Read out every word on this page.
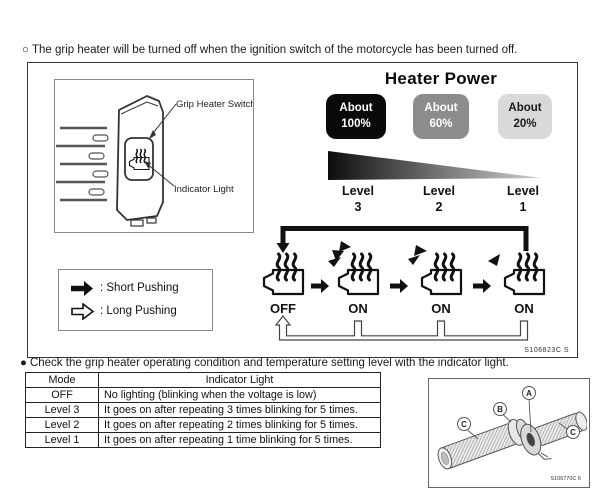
○ The grip heater will be turned off when the ignition switch of the motorcycle has been turned off.
Grip Heater Switch
Indicator Light
: Short Pushing
: Long Pushing
Heater Power
About
100%
About
60%
About
20%
Level
3
Level
2
Level
1
OFF	ON	ON	ON
S106823C S
● Check the grip heater operating condition and temperature setting level with the indicator light.
Mode	Indicator Light
OFF	No lighting (blinking when the voltage is low)
Level 3	It goes on after repeating 3 times blinking for 5 times.
Level 2	It goes on after repeating 2 times blinking for 5 times.
Level 1	It goes on after repeating 1 time blinking for 5 times.
A
B
C
C
S106770C 6
